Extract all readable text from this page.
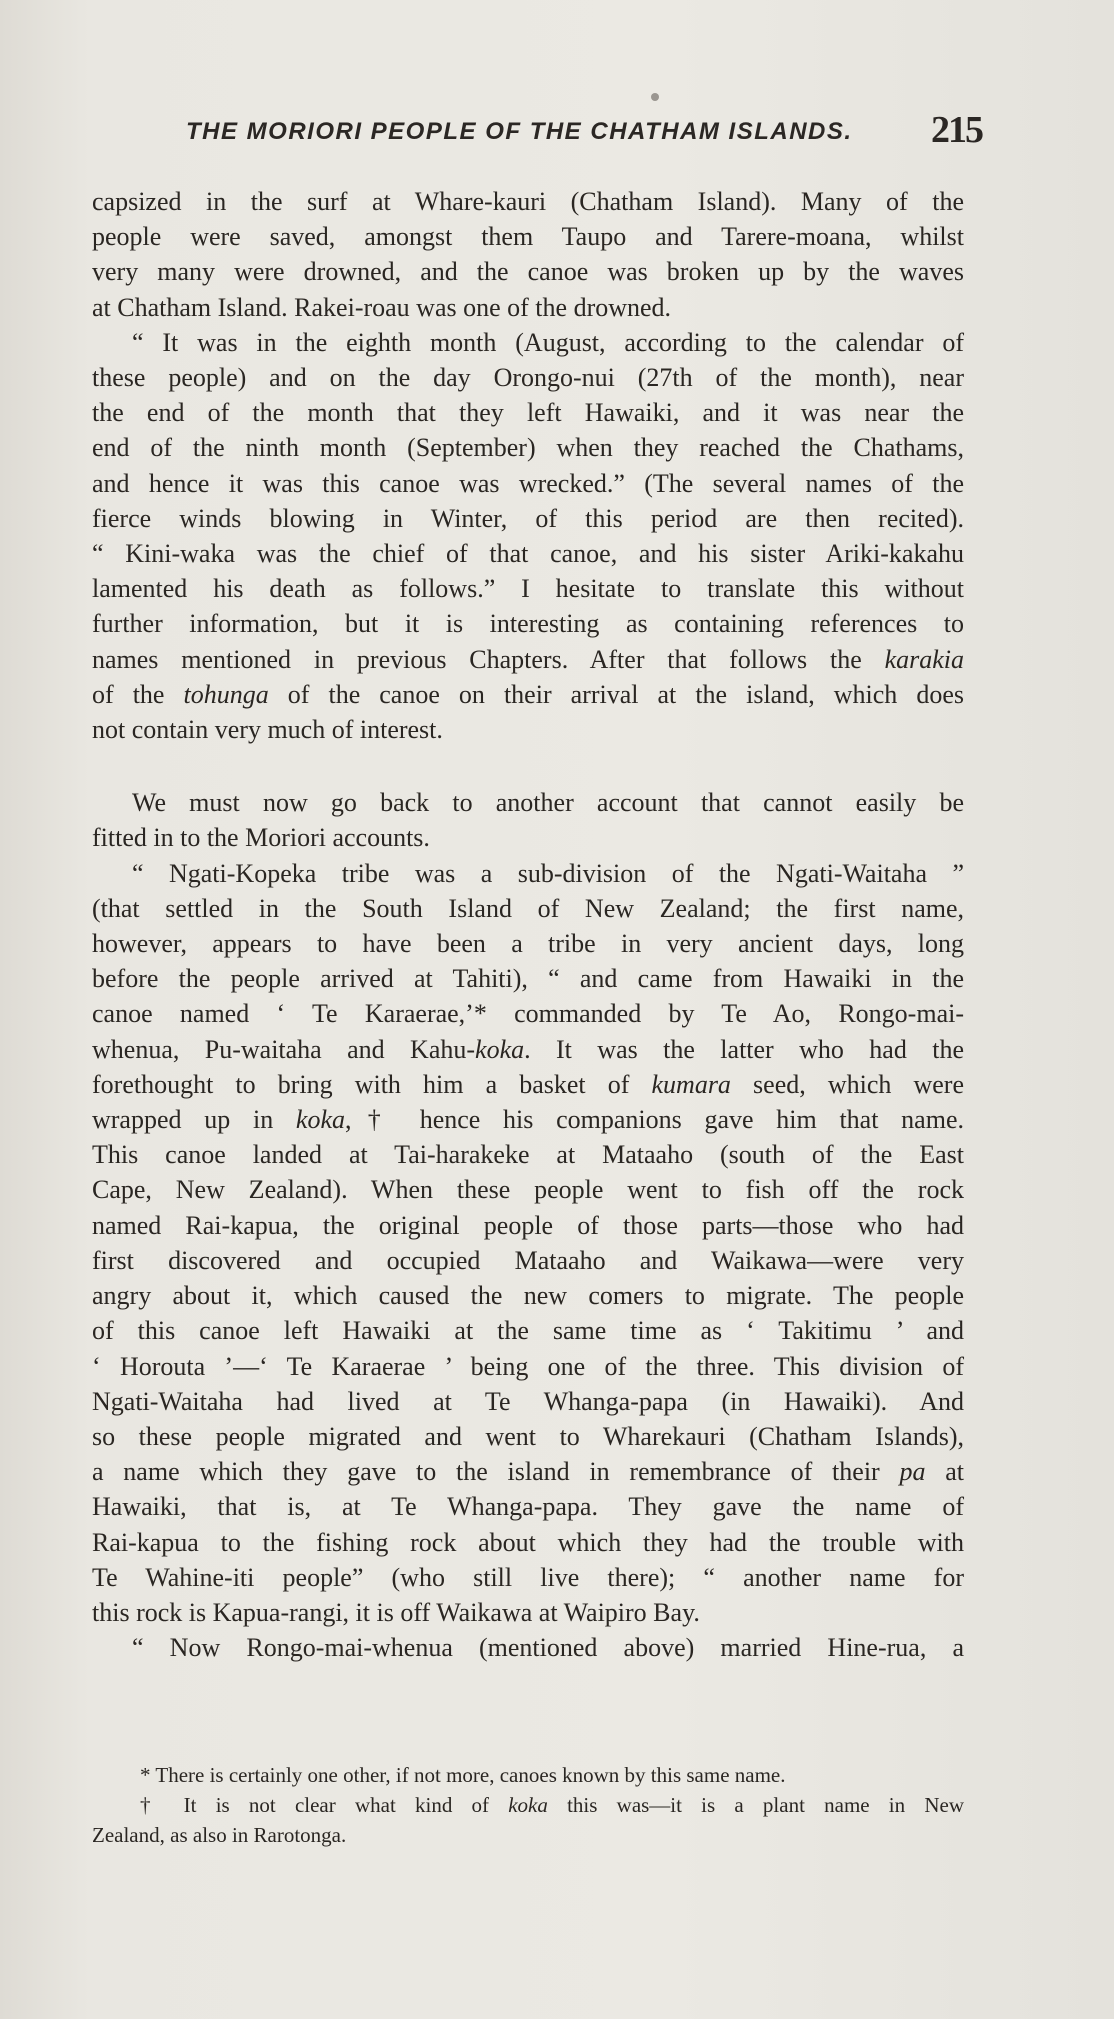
THE MORIORI PEOPLE OF THE CHATHAM ISLANDS. 215

capsized in the surf at Whare-kauri (Chatham Island). Many of the
people were saved, amongst them Taupo and Tarere-moana, whilst
very many were drowned, and the canoe was broken up by the waves
at Chatham Island. Rakei-roau was one of the drowned.

“ It was in the eighth month (August, according to the calendar of
these people) and on the day Orongo-nui (27th of the month), near
the end of the month that they left Hawaiki, and it was near the
end of the ninth month (September) when they reached the Chathams,
and hence it was this canoe was wrecked.” (The several names of the
fierce winds blowing in Winter, of this period are then recited).
“ Kini-waka was the chief of that canoe, and his sister Ariki-kakahu
lamented his death as follows.” I hesitate to translate this without
further information, but it is interesting as containing references to
names mentioned in previous Chapters. After that follows the karakia
of the tohunga of the canoe on their arrival at the island, which does
not contain very much of interest.

We must now go back to another account that cannot easily be
fitted in to the Moriori accounts.

“ Ngati-Kopeka tribe was a sub-division of the Ngati-Waitaha ”
(that settled in the South Island of New Zealand; the first name,
however, appears to have been a tribe in very ancient days, long
before the people arrived at Tahiti), “ and came from Hawaiki in the
canoe named ‘ Te Karaerae,’* commanded by Te Ao, Rongo-mai-
whenua, Pu-waitaha and Kahu-koka. It was the latter who had the
forethought to bring with him a basket of kumara seed, which were
wrapped up in koka,† hence his companions gave him that name.
This canoe landed at Tai-harakeke at Mataaho (south of the East
Cape, New Zealand). When these people went to fish off the rock
named Rai-kapua, the original people of those parts—those who had
first discovered and occupied Mataaho and Waikawa—were very
angry about it, which caused the new comers to migrate. The people
of this canoe left Hawaiki at the same time as ‘ Takitimu ’ and
‘ Horouta ’—‘ Te Karaerae ’ being one of the three. This division of
Ngati-Waitaha had lived at Te Whanga-papa (in Hawaiki). And
so these people migrated and went to Wharekauri (Chatham Islands),
a name which they gave to the island in remembrance of their pa at
Hawaiki, that is, at Te Whanga-papa. They gave the name of
Rai-kapua to the fishing rock about which they had the trouble with
Te Wahine-iti people” (who still live there); “ another name for
this rock is Kapua-rangi, it is off Waikawa at Waipiro Bay.

“ Now Rongo-mai-whenua (mentioned above) married Hine-rua, a

* There is certainly one other, if not more, canoes known by this same name.

† It is not clear what kind of koka this was—it is a plant name in New
Zealand, as also in Rarotonga.
